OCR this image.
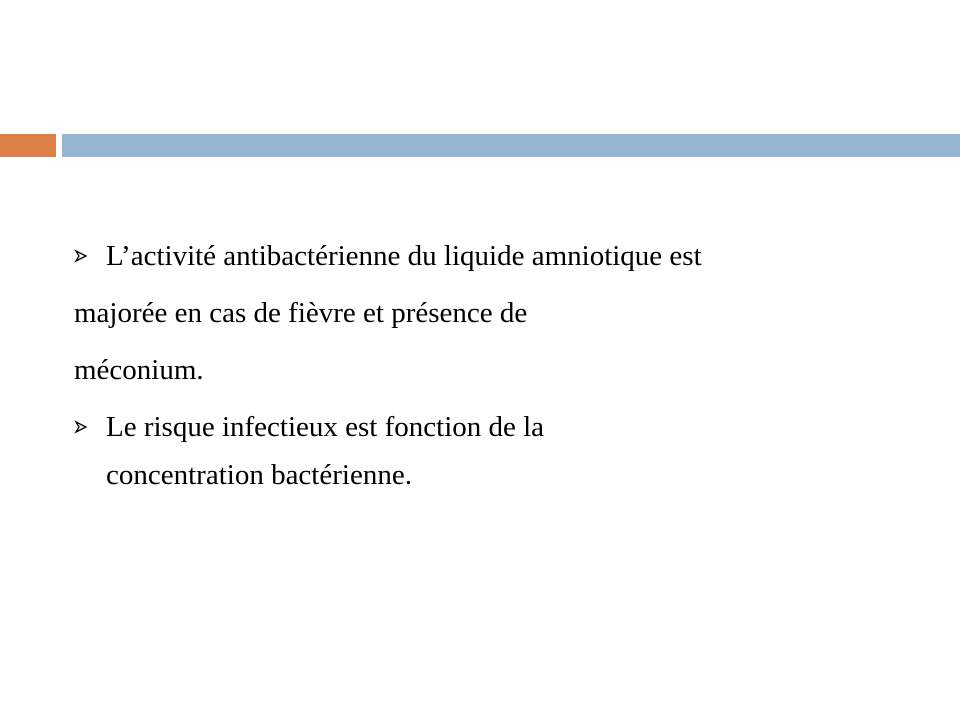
L’activité antibactérienne du liquide amniotique est
majorée en cas de fièvre et présence de
méconium.
Le risque infectieux est fonction de la
concentration bactérienne.
